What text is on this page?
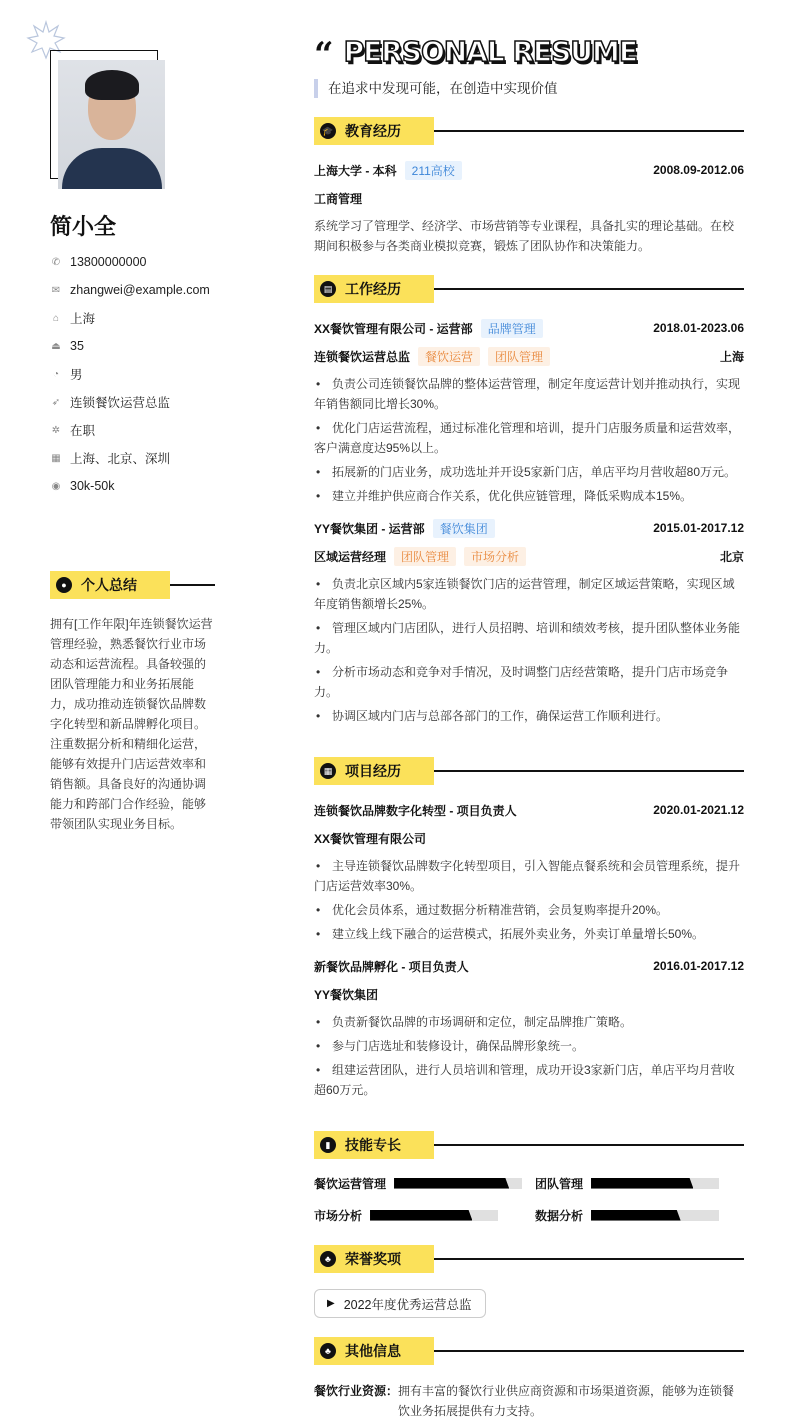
简小全
✆ 13800000000
✉ zhangwei@example.com
⌂ 上海
⏏ 35
◔ 男
➶ 连锁餐饮运营总监
✲ 在职
▦ 上海、北京、深圳
◉ 30k-50k
●	个人总结
拥有[工作年限]年连锁餐饮运营管理经验，熟悉餐饮行业市场动态和运营流程。具备较强的团队管理能力和业务拓展能力，成功推动连锁餐饮品牌数字化转型和新品牌孵化项目。注重数据分析和精细化运营，能够有效提升门店运营效率和销售额。具备良好的沟通协调能力和跨部门合作经验，能够带领团队实现业务目标。
“ PERSONAL RESUME
在追求中发现可能，在创造中实现价值
🎓 教育经历
上海大学 - 本科	211高校	2008.09-2012.06
工商管理
系统学习了管理学、经济学、市场营销等专业课程，具备扎实的理论基础。在校期间积极参与各类商业模拟竞赛，锻炼了团队协作和决策能力。
▤ 工作经历
XX餐饮管理有限公司 - 运营部	品牌管理	2018.01-2023.06
连锁餐饮运营总监	餐饮运营	团队管理	上海
• 负责公司连锁餐饮品牌的整体运营管理，制定年度运营计划并推动执行，实现年销售额同比增长30%。
• 优化门店运营流程，通过标准化管理和培训，提升门店服务质量和运营效率，客户满意度达95%以上。
• 拓展新的门店业务，成功选址并开设5家新门店，单店平均月营收超80万元。
• 建立并维护供应商合作关系，优化供应链管理，降低采购成本15%。
YY餐饮集团 - 运营部	餐饮集团	2015.01-2017.12
区域运营经理	团队管理	市场分析	北京
• 负责北京区域内5家连锁餐饮门店的运营管理，制定区域运营策略，实现区域年度销售额增长25%。
• 管理区域内门店团队，进行人员招聘、培训和绩效考核，提升团队整体业务能力。
• 分析市场动态和竞争对手情况，及时调整门店经营策略，提升门店市场竞争力。
• 协调区域内门店与总部各部门的工作，确保运营工作顺利进行。
▦ 项目经历
连锁餐饮品牌数字化转型 - 项目负责人	2020.01-2021.12
XX餐饮管理有限公司
• 主导连锁餐饮品牌数字化转型项目，引入智能点餐系统和会员管理系统，提升门店运营效率30%。
• 优化会员体系，通过数据分析精准营销，会员复购率提升20%。
• 建立线上线下融合的运营模式，拓展外卖业务，外卖订单量增长50%。
新餐饮品牌孵化 - 项目负责人	2016.01-2017.12
YY餐饮集团
• 负责新餐饮品牌的市场调研和定位，制定品牌推广策略。
• 参与门店选址和装修设计，确保品牌形象统一。
• 组建运营团队，进行人员培训和管理，成功开设3家新门店，单店平均月营收超60万元。
▮	技能专长
餐饮运营管理	团队管理
市场分析	数据分析
♣	荣誉奖项
▶ 2022年度优秀运营总监
♣	其他信息
餐饮行业资源： 拥有丰富的餐饮行业供应商资源和市场渠道资源，能够为连锁餐饮业务拓展提供有力支持。
